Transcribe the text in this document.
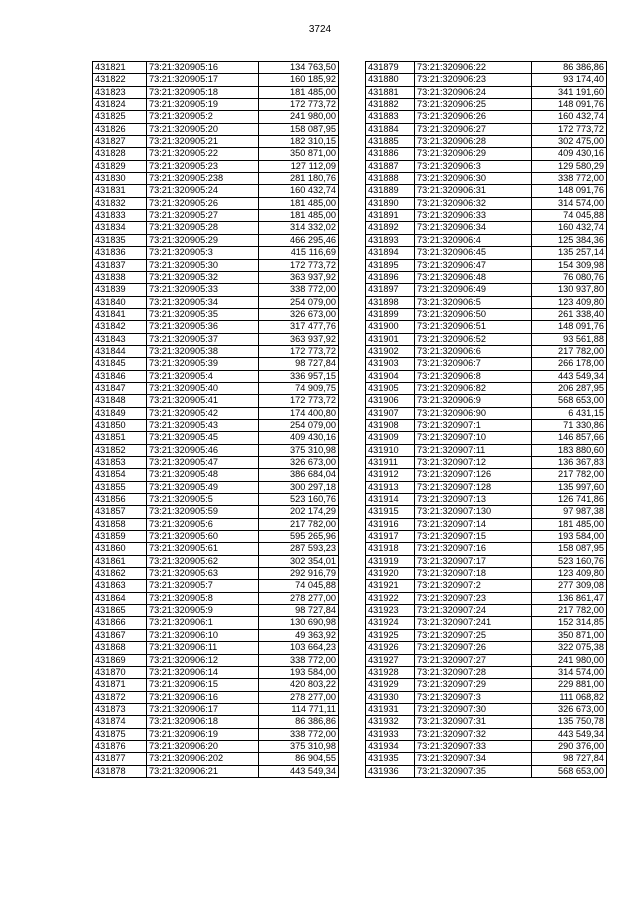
3724
431821	73:21:320905:16	134 763,50
431822	73:21:320905:17	160 185,92
431823	73:21:320905:18	181 485,00
431824	73:21:320905:19	172 773,72
431825	73:21:320905:2	241 980,00
431826	73:21:320905:20	158 087,95
431827	73:21:320905:21	182 310,15
431828	73:21:320905:22	350 871,00
431829	73:21:320905:23	127 112,09
431830	73:21:320905:238	281 180,76
431831	73:21:320905:24	160 432,74
431832	73:21:320905:26	181 485,00
431833	73:21:320905:27	181 485,00
431834	73:21:320905:28	314 332,02
431835	73:21:320905:29	466 295,46
431836	73:21:320905:3	415 116,69
431837	73:21:320905:30	172 773,72
431838	73:21:320905:32	363 937,92
431839	73:21:320905:33	338 772,00
431840	73:21:320905:34	254 079,00
431841	73:21:320905:35	326 673,00
431842	73:21:320905:36	317 477,76
431843	73:21:320905:37	363 937,92
431844	73:21:320905:38	172 773,72
431845	73:21:320905:39	98 727,84
431846	73:21:320905:4	336 957,15
431847	73:21:320905:40	74 909,75
431848	73:21:320905:41	172 773,72
431849	73:21:320905:42	174 400,80
431850	73:21:320905:43	254 079,00
431851	73:21:320905:45	409 430,16
431852	73:21:320905:46	375 310,98
431853	73:21:320905:47	326 673,00
431854	73:21:320905:48	386 684,04
431855	73:21:320905:49	300 297,18
431856	73:21:320905:5	523 160,76
431857	73:21:320905:59	202 174,29
431858	73:21:320905:6	217 782,00
431859	73:21:320905:60	595 265,96
431860	73:21:320905:61	287 593,23
431861	73:21:320905:62	302 354,01
431862	73:21:320905:63	292 916,79
431863	73:21:320905:7	74 045,88
431864	73:21:320905:8	278 277,00
431865	73:21:320905:9	98 727,84
431866	73:21:320906:1	130 690,98
431867	73:21:320906:10	49 363,92
431868	73:21:320906:11	103 664,23
431869	73:21:320906:12	338 772,00
431870	73:21:320906:14	193 584,00
431871	73:21:320906:15	420 803,22
431872	73:21:320906:16	278 277,00
431873	73:21:320906:17	114 771,11
431874	73:21:320906:18	86 386,86
431875	73:21:320906:19	338 772,00
431876	73:21:320906:20	375 310,98
431877	73:21:320906:202	86 904,55
431878	73:21:320906:21	443 549,34
431879	73:21:320906:22	86 386,86
431880	73:21:320906:23	93 174,40
431881	73:21:320906:24	341 191,60
431882	73:21:320906:25	148 091,76
431883	73:21:320906:26	160 432,74
431884	73:21:320906:27	172 773,72
431885	73:21:320906:28	302 475,00
431886	73:21:320906:29	409 430,16
431887	73:21:320906:3	129 580,29
431888	73:21:320906:30	338 772,00
431889	73:21:320906:31	148 091,76
431890	73:21:320906:32	314 574,00
431891	73:21:320906:33	74 045,88
431892	73:21:320906:34	160 432,74
431893	73:21:320906:4	125 384,36
431894	73:21:320906:45	135 257,14
431895	73:21:320906:47	154 309,98
431896	73:21:320906:48	76 080,76
431897	73:21:320906:49	130 937,80
431898	73:21:320906:5	123 409,80
431899	73:21:320906:50	261 338,40
431900	73:21:320906:51	148 091,76
431901	73:21:320906:52	93 561,88
431902	73:21:320906:6	217 782,00
431903	73:21:320906:7	266 178,00
431904	73:21:320906:8	443 549,34
431905	73:21:320906:82	206 287,95
431906	73:21:320906:9	568 653,00
431907	73:21:320906:90	6 431,15
431908	73:21:320907:1	71 330,86
431909	73:21:320907:10	146 857,66
431910	73:21:320907:11	183 880,60
431911	73:21:320907:12	136 367,83
431912	73:21:320907:126	217 782,00
431913	73:21:320907:128	135 997,60
431914	73:21:320907:13	126 741,86
431915	73:21:320907:130	97 987,38
431916	73:21:320907:14	181 485,00
431917	73:21:320907:15	193 584,00
431918	73:21:320907:16	158 087,95
431919	73:21:320907:17	523 160,76
431920	73:21:320907:18	123 409,80
431921	73:21:320907:2	277 309,08
431922	73:21:320907:23	136 861,47
431923	73:21:320907:24	217 782,00
431924	73:21:320907:241	152 314,85
431925	73:21:320907:25	350 871,00
431926	73:21:320907:26	322 075,38
431927	73:21:320907:27	241 980,00
431928	73:21:320907:28	314 574,00
431929	73:21:320907:29	229 881,00
431930	73:21:320907:3	111 068,82
431931	73:21:320907:30	326 673,00
431932	73:21:320907:31	135 750,78
431933	73:21:320907:32	443 549,34
431934	73:21:320907:33	290 376,00
431935	73:21:320907:34	98 727,84
431936	73:21:320907:35	568 653,00
